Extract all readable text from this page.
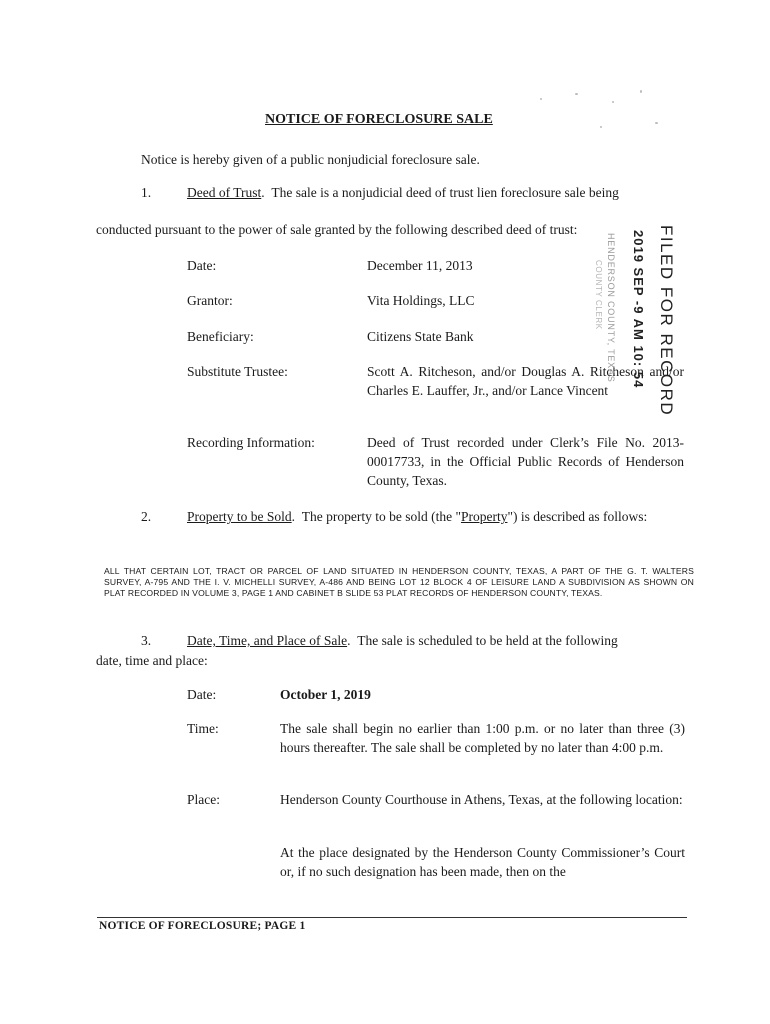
NOTICE OF FORECLOSURE SALE
Notice is hereby given of a public nonjudicial foreclosure sale.
1.	Deed of Trust.  The sale is a nonjudicial deed of trust lien foreclosure sale being
conducted pursuant to the power of sale granted by the following described deed of trust:
Date:	December 11, 2013
Grantor:	Vita Holdings, LLC
Beneficiary:	Citizens State Bank
Substitute Trustee:	Scott A. Ritcheson, and/or Douglas A. Ritcheson and/or Charles E. Lauffer, Jr., and/or Lance Vincent
Recording Information:	Deed of Trust recorded under Clerk’s File No. 2013-00017733, in the Official Public Records of Henderson County, Texas.
2.	Property to be Sold.  The property to be sold (the "Property") is described as follows:
ALL THAT CERTAIN LOT, TRACT OR PARCEL OF LAND SITUATED IN HENDERSON COUNTY, TEXAS, A PART OF THE G. T. WALTERS SURVEY, A-795 AND THE I. V. MICHELLI SURVEY, A-486 AND BEING LOT 12 BLOCK 4 OF LEISURE LAND A SUBDIVISION AS SHOWN ON PLAT RECORDED IN VOLUME 3, PAGE 1 AND CABINET B SLIDE 53 PLAT RECORDS OF HENDERSON COUNTY, TEXAS.
3.	Date, Time, and Place of Sale.  The sale is scheduled to be held at the following
date, time and place:
Date:	October 1, 2019
Time:	The sale shall begin no earlier than 1:00 p.m. or no later than three (3) hours thereafter. The sale shall be completed by no later than 4:00 p.m.
Place:	Henderson County Courthouse in Athens, Texas, at the following location:
At the place designated by the Henderson County Commissioner’s Court or, if no such designation has been made, then on the
FILED FOR RECORD
2019 SEP -9 AM 10: 54
HENDERSON COUNTY, TEXAS
COUNTY CLERK
NOTICE OF FORECLOSURE; PAGE 1
